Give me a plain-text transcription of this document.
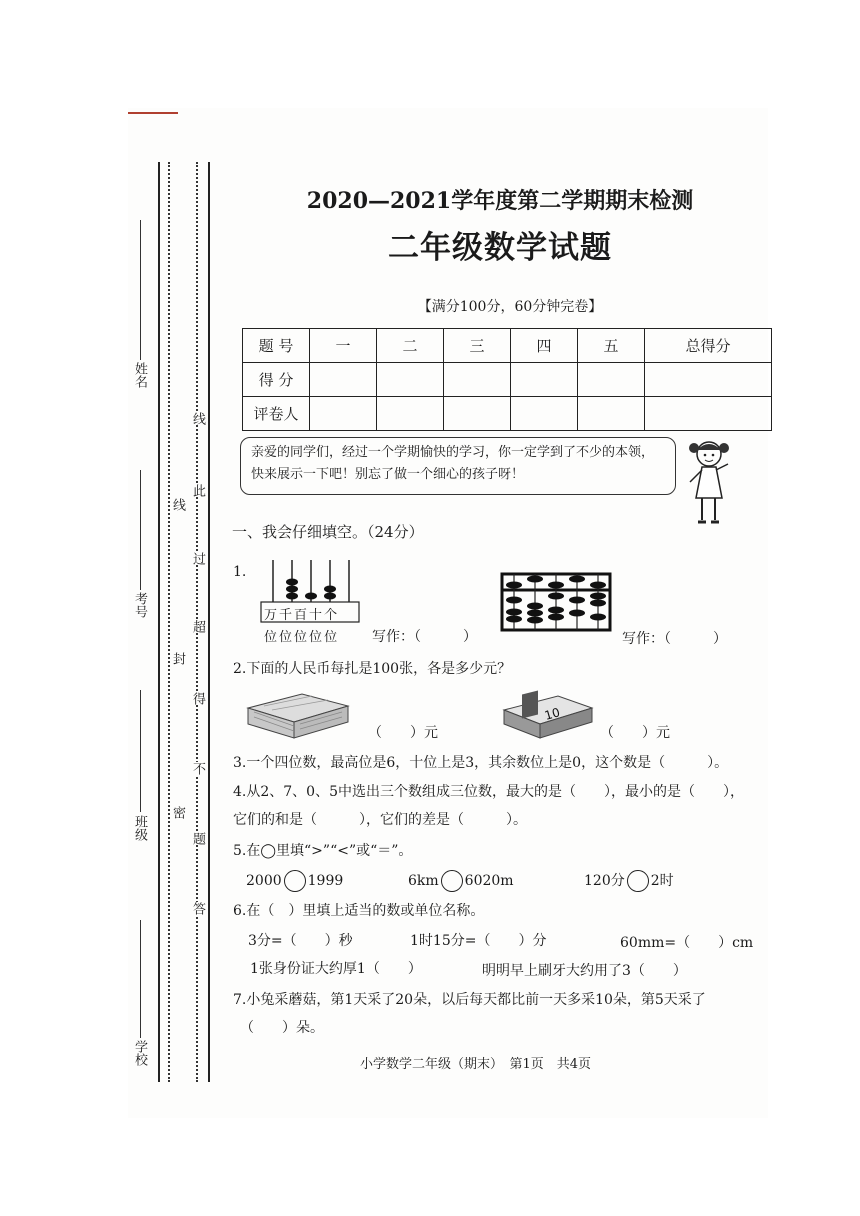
姓名
考号
班级
学校
线
封
密
线
此
过
超
得
不
题
答
2020—2021学年度第二学期期末检测
二年级数学试题
【满分100分，60分钟完卷】
题 号	一	二	三	四	五	总得分
得 分						
评卷人						
亲爱的同学们，经过一个学期愉快的学习，你一定学到了不少的本领，快来展示一下吧！别忘了做一个细心的孩子呀！
一、我会仔细填空。（24分）
1.
万千百十个
位位位位位 写作：（　　　）	写作：（　　　）
2.下面的人民币每扎是100张，各是多少元？
（　　）元
10
（　　）元
3.一个四位数，最高位是6，十位上是3，其余数位上是0，这个数是（　　　）。
4.从2、7、0、5中选出三个数组成三位数，最大的是（　　），最小的是（　　），
它们的和是（　　　），它们的差是（　　　）。
5.在◯里填“>”“<”或“＝”。
2000 1999	6km 6020m	120分 2时
6.在（　）里填上适当的数或单位名称。
3分=（　　）秒	1时15分=（　　）分	60mm=（　　）cm
1张身份证大约厚1（　　）	明明早上刷牙大约用了3（　　）
7.小兔采蘑菇，第1天采了20朵，以后每天都比前一天多采10朵，第5天采了
（　　）朵。
小学数学二年级（期末）　第1页　共4页
